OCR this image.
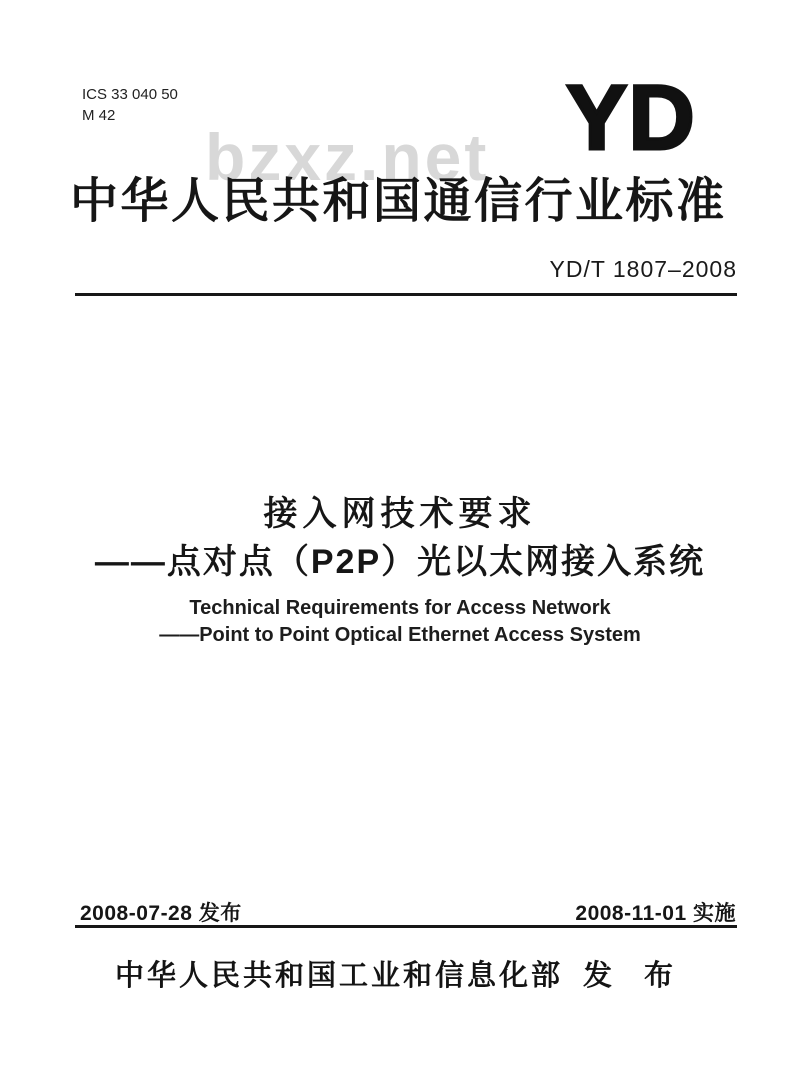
ICS 33 040 50
M 42
bzxz.net YD
中华人民共和国通信行业标准
YD/T 1807–2008
接入网技术要求
——点对点（P2P）光以太网接入系统
Technical Requirements for Access Network
——Point to Point Optical Ethernet Access System
2008-07-28 发布	2008-11-01 实施
中华人民共和国工业和信息化部 发 布
